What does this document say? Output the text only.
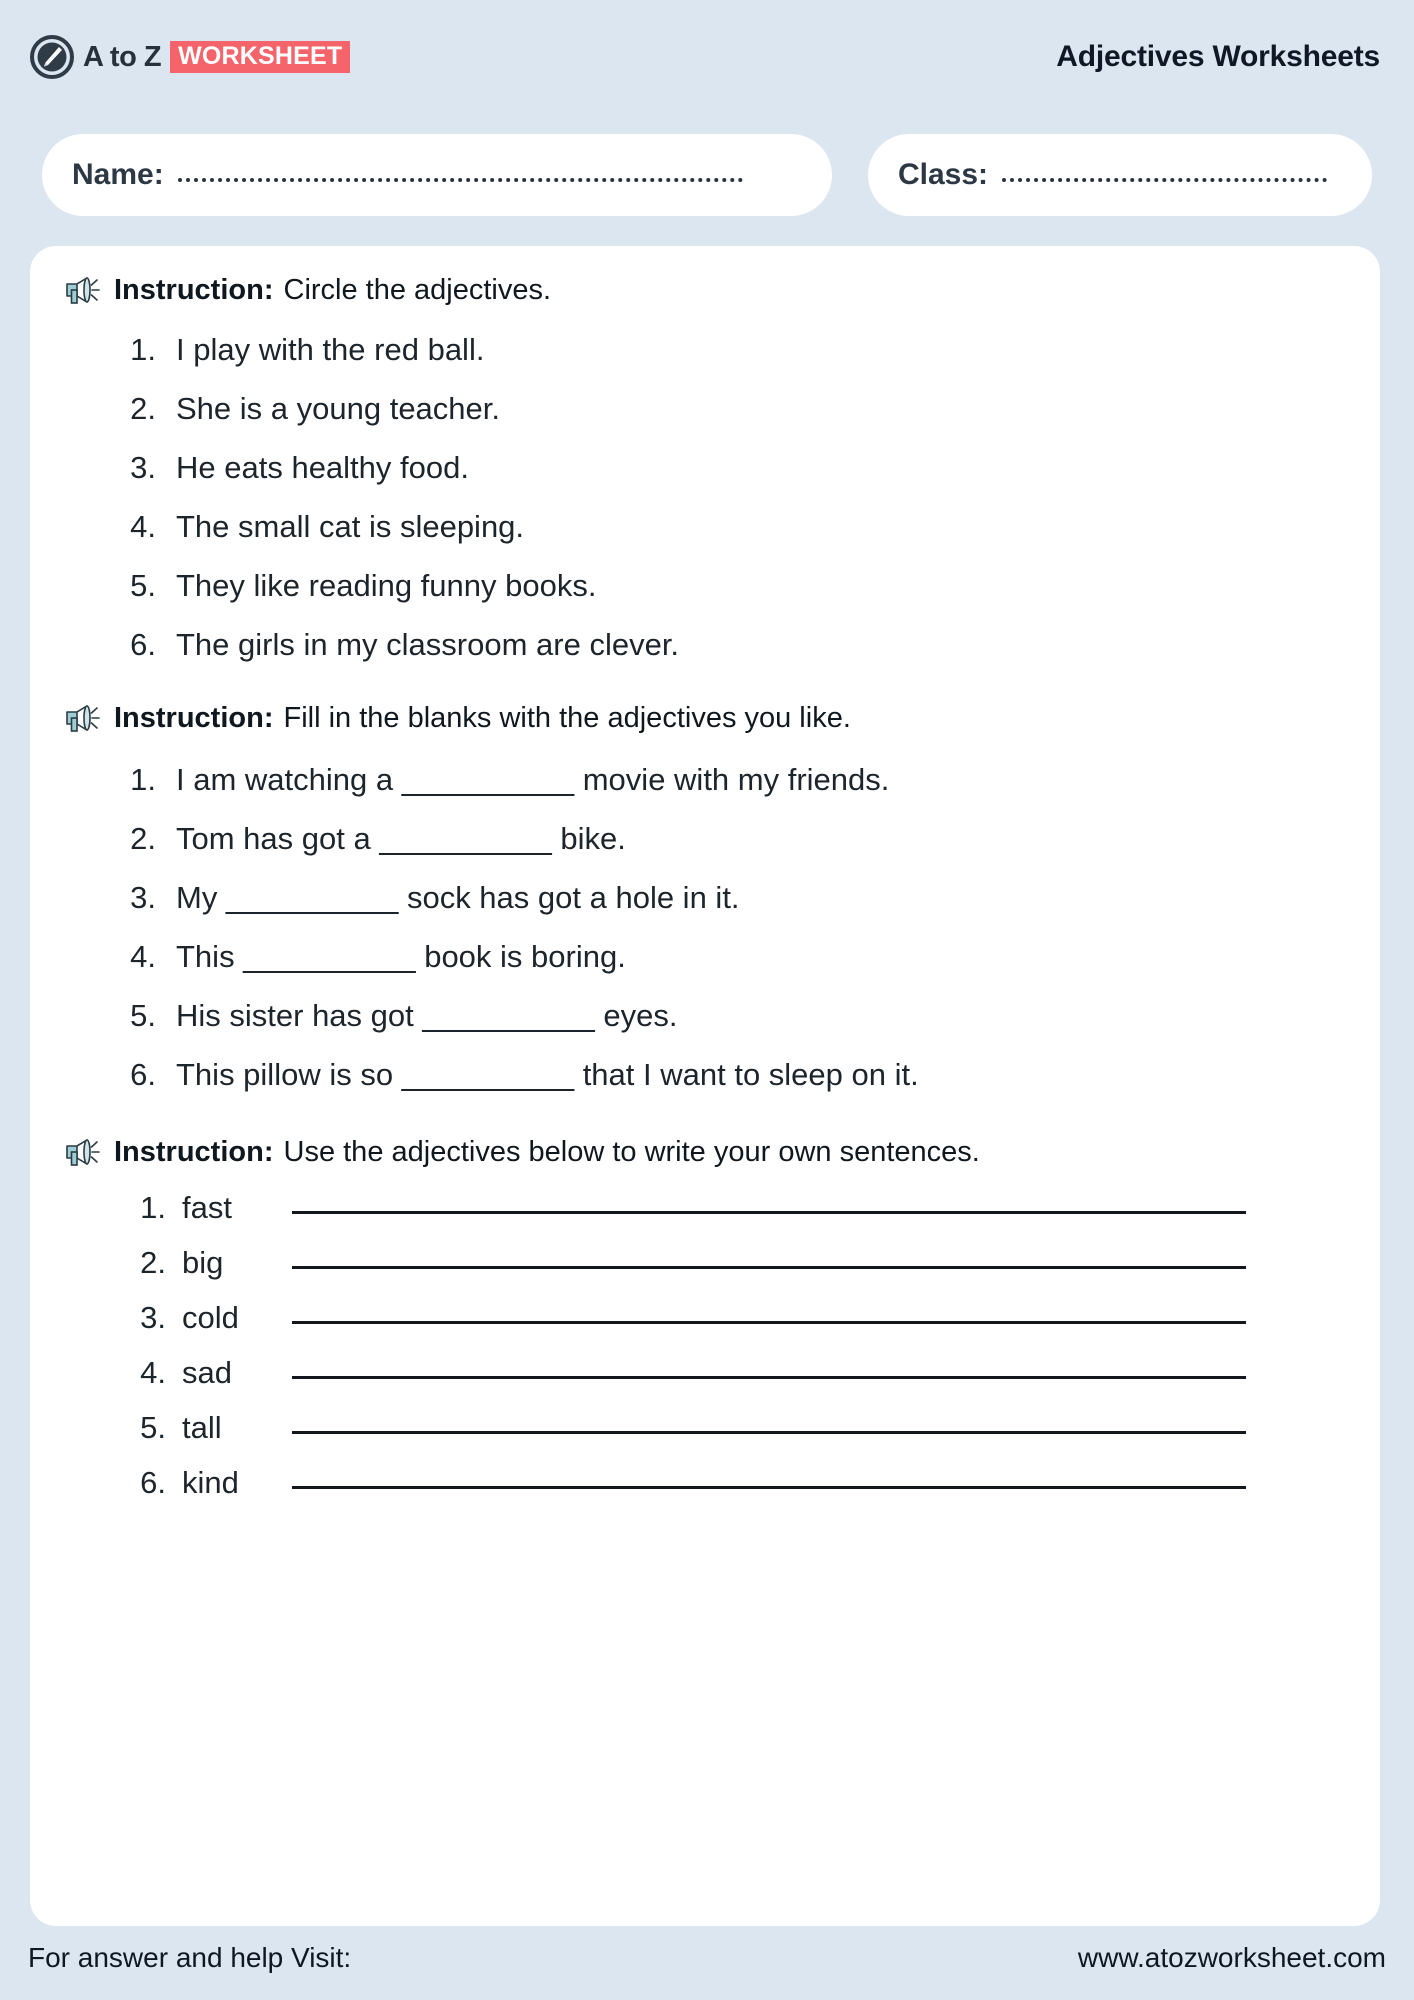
A to Z WORKSHEET	Adjectives Worksheets
Name:	Class:
Instruction: Circle the adjectives.
1. I play with the red ball.
2. She is a young teacher.
3. He eats healthy food.
4. The small cat is sleeping.
5. They like reading funny books.
6. The girls in my classroom are clever.
Instruction: Fill in the blanks with the adjectives you like.
1. I am watching a __________ movie with my friends.
2. Tom has got a __________ bike.
3. My __________ sock has got a hole in it.
4. This __________ book is boring.
5. His sister has got __________ eyes.
6. This pillow is so __________ that I want to sleep on it.
Instruction: Use the adjectives below to write your own sentences.
1. fast
2. big
3. cold
4. sad
5. tall
6. kind
For answer and help Visit:	www.atozworksheet.com
